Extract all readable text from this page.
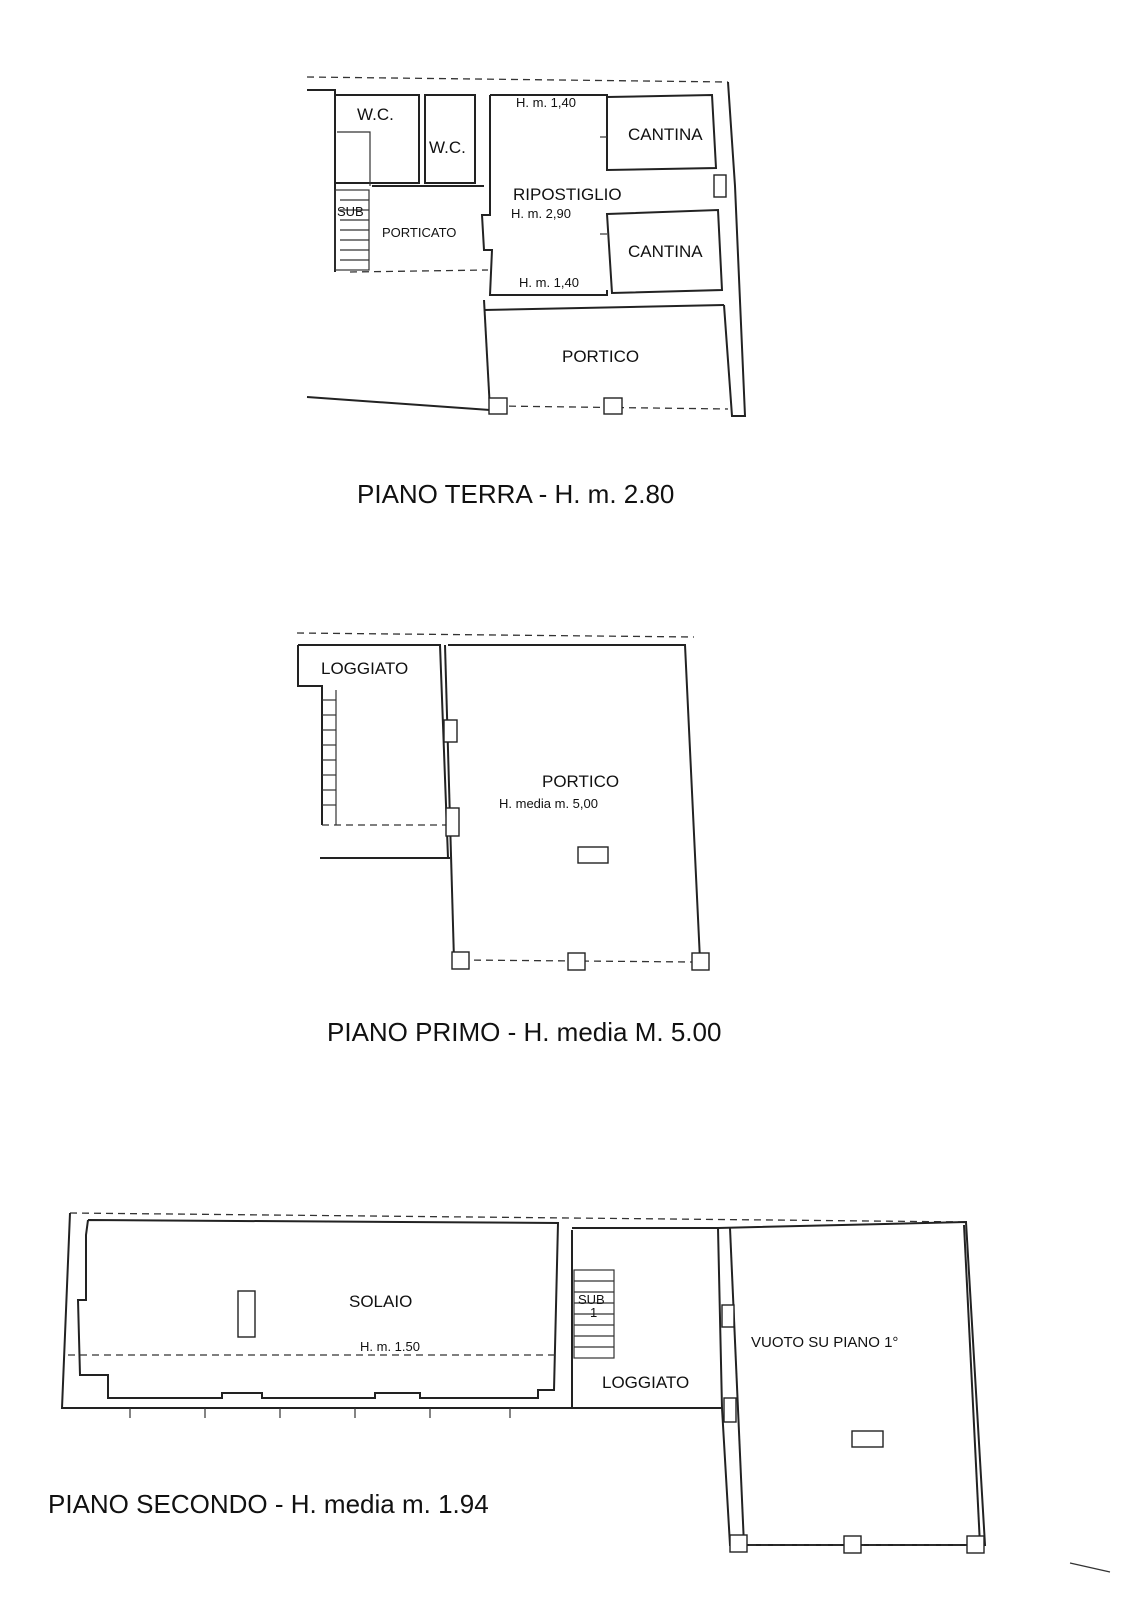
W.C.
W.C.
H. m. 1,40
CANTINA
RIPOSTIGLIO
H. m. 2,90
SUB
PORTICATO
CANTINA
H. m. 1,40
PORTICO
PIANO TERRA - H. m. 2.80
LOGGIATO
PORTICO
H. media m. 5,00
PIANO PRIMO - H. media M. 5.00
SOLAIO
H. m. 1.50
SUB
1
LOGGIATO
VUOTO SU PIANO 1°
PIANO SECONDO - H. media m. 1.94
